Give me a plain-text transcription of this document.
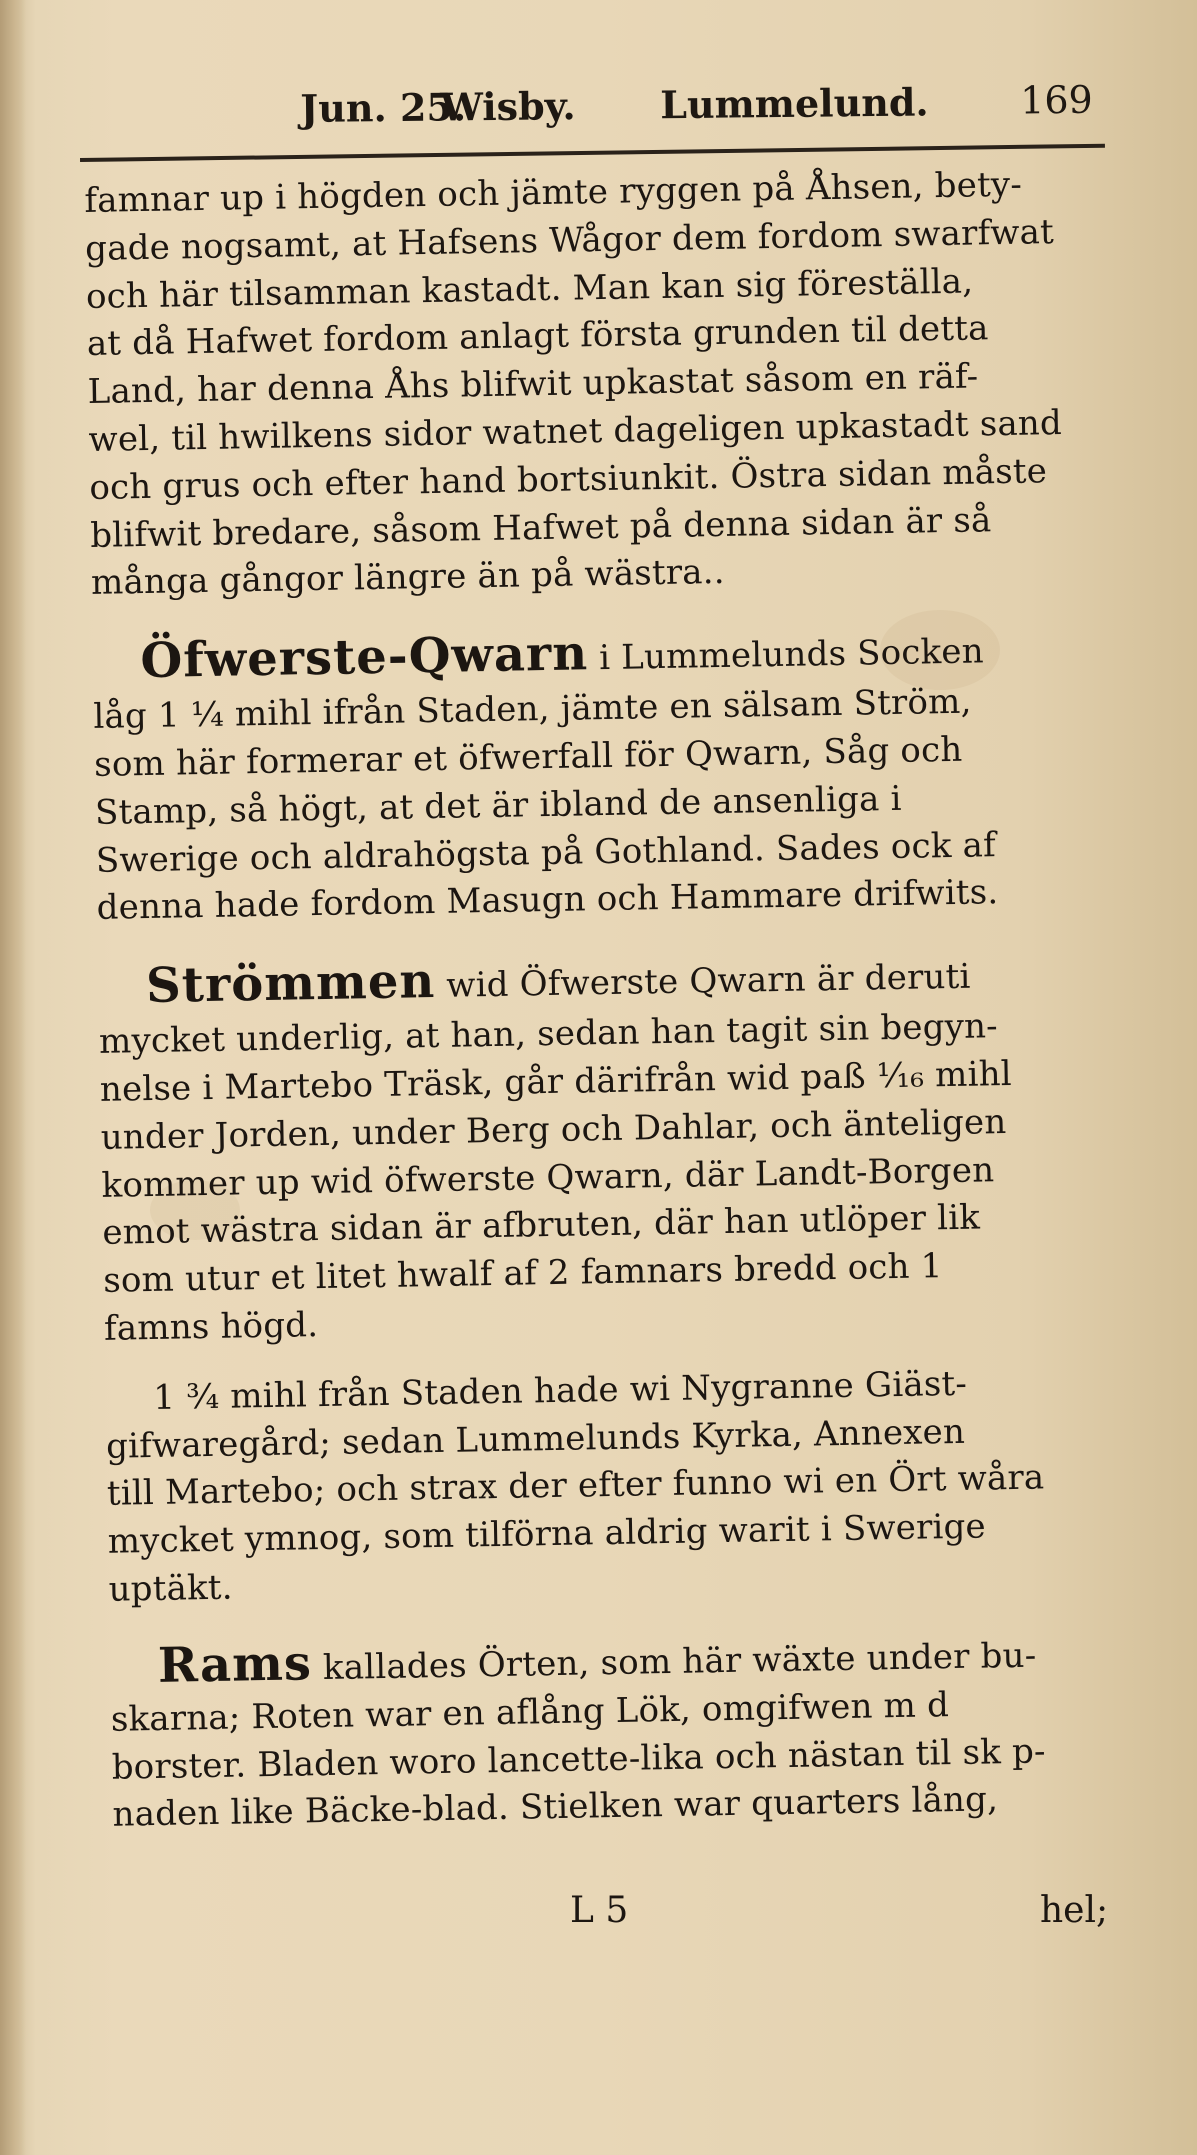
Jun. 25.
Wisby. Lummelund. 169
famnar up i högden och jämte ryggen på Åhsen, bety-
gade nogsamt, at Hafsens Wågor dem fordom swarfwat
och här tilsamman kastadt. Man kan sig föreställa,
at då Hafwet fordom anlagt första grunden til detta
Land, har denna Åhs blifwit upkastat såsom en räf-
wel, til hwilkens sidor watnet dageligen upkastadt sand
och grus och efter hand bortsiunkit. Östra sidan måste
blifwit bredare, såsom Hafwet på denna sidan är så
många gångor längre än på wästra..
Öfwerste-Qwarn i Lummelunds Socken
låg 1 ¼ mihl ifrån Staden, jämte en sälsam Ström,
som här formerar et öfwerfall för Qwarn, Såg och
Stamp, så högt, at det är ibland de ansenliga i
Swerige och aldrahögsta på Gothland. Sades ock af
denna hade fordom Masugn och Hammare drifwits.
Strömmen wid Öfwerste Qwarn är deruti
mycket underlig, at han, sedan han tagit sin begyn-
nelse i Martebo Träsk, går därifrån wid paß ¹⁄₁₆ mihl
under Jorden, under Berg och Dahlar, och änteligen
kommer up wid öfwerste Qwarn, där Landt-Borgen
emot wästra sidan är afbruten, där han utlöper lik
som utur et litet hwalf af 2 famnars bredd och 1
famns högd.
1 ¾ mihl från Staden hade wi Nygranne Giäst-
gifwaregård; sedan Lummelunds Kyrka, Annexen
till Martebo; och strax der efter funno wi en Ört wåra
mycket ymnog, som tilförna aldrig warit i Swerige
uptäkt.
Rams kallades Örten, som här wäxte under bu-
skarna; Roten war en aflång Lök, omgifwen m d
borster. Bladen woro lancette-lika och nästan til sk p-
naden like Bäcke-blad. Stielken war quarters lång,
L 5	hel;
